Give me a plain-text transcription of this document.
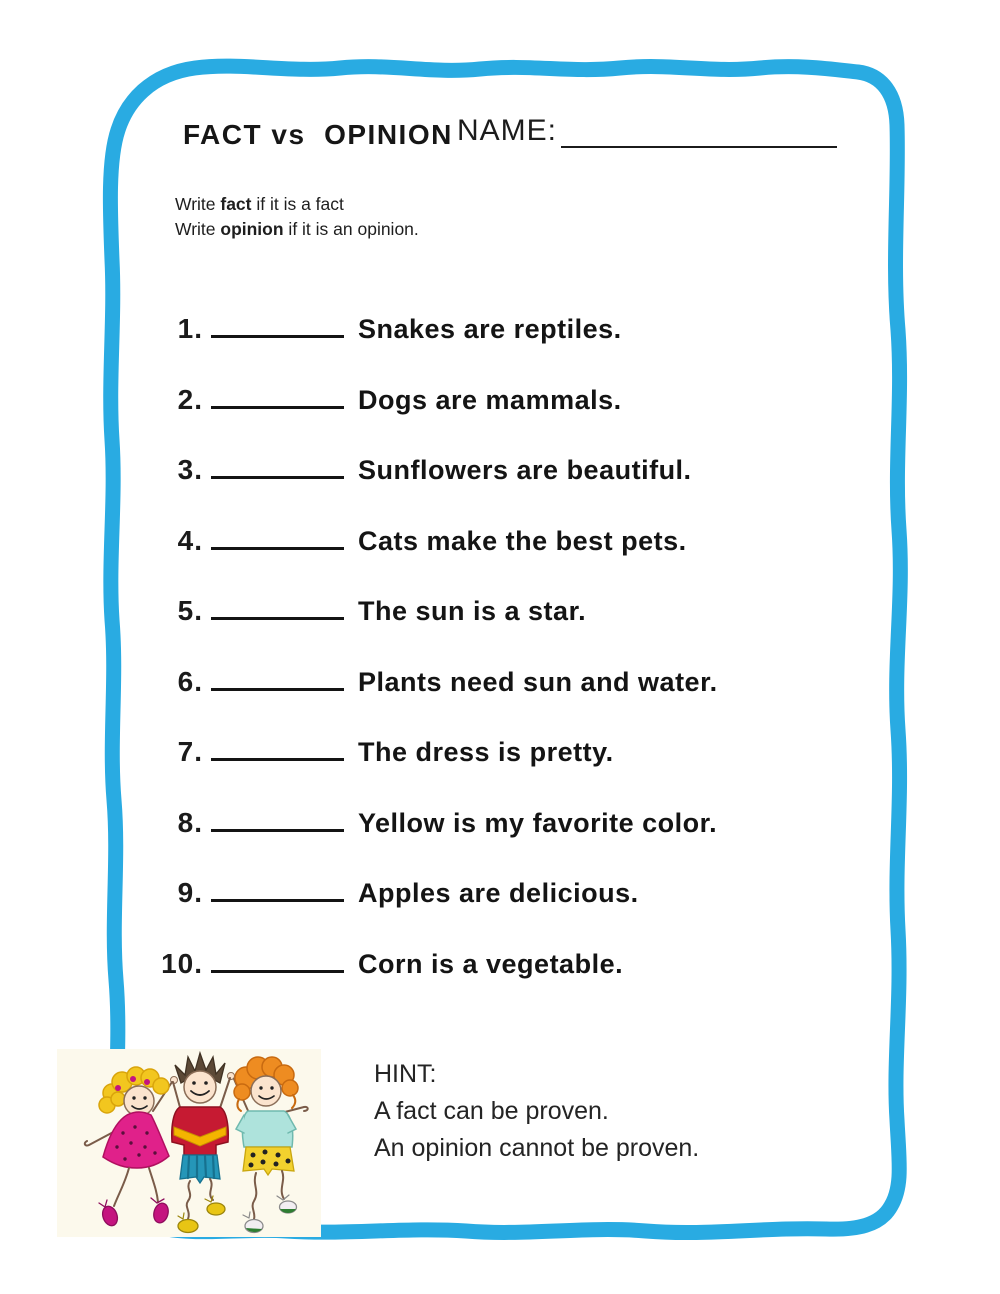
FACT vs  OPINION NAME:
Write fact if it is a fact
Write opinion if it is an opinion.
1.	Snakes are reptiles.
2.	Dogs are mammals.
3.	Sunflowers are beautiful.
4.	Cats make the best pets.
5.	The sun is a star.
6.	Plants need sun and water.
7.	The dress is pretty.
8.	Yellow is my favorite color.
9.	Apples are delicious.
10.	Corn is a vegetable.
HINT:
A fact can be proven.
An opinion cannot be proven.
